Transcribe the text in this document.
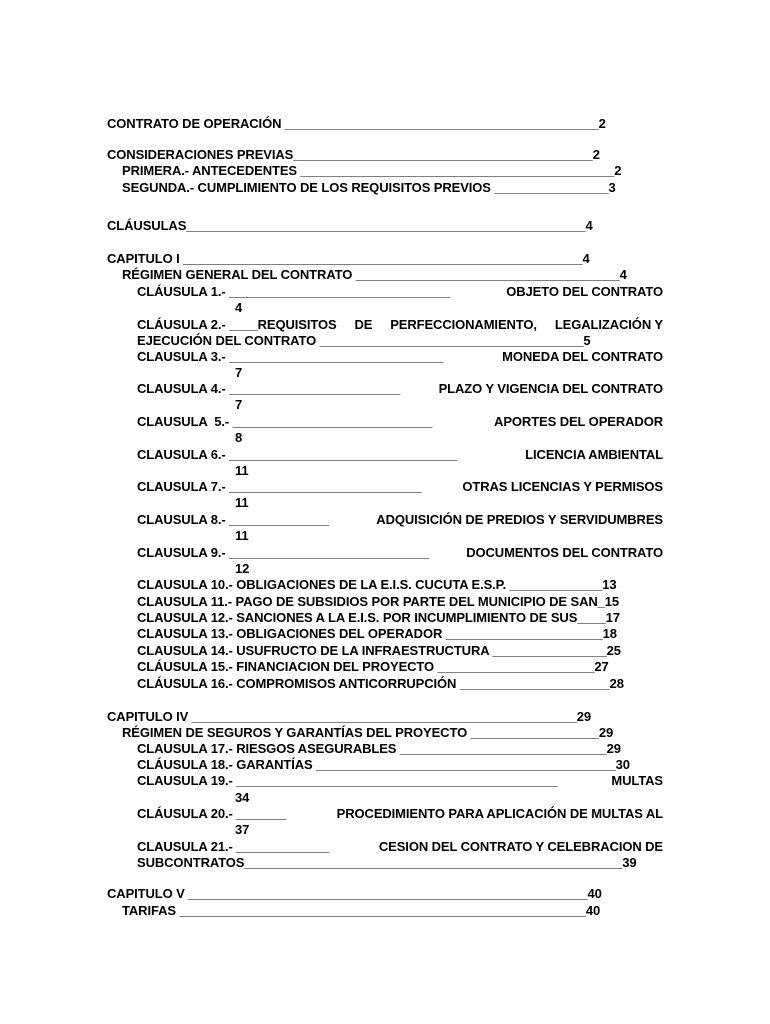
CONTRATO DE OPERACIÓN ____________________________________________2
CONSIDERACIONES PREVIAS__________________________________________2
PRIMERA.- ANTECEDENTES ____________________________________________2
SEGUNDA.- CUMPLIMIENTO DE LOS REQUISITOS PREVIOS ________________3
CLÁUSULAS________________________________________________________4
CAPITULO I ________________________________________________________4
RÉGIMEN GENERAL DEL CONTRATO _____________________________________4
CLÁUSULA 1.- _______________________________	OBJETO DEL CONTRATO
4
CLÁUSULA 2.- ____REQUISITOS DE PERFECCIONAMIENTO, LEGALIZACIÓN Y
EJECUCIÓN DEL CONTRATO _____________________________________5
CLAUSULA 3.- ______________________________	MONEDA DEL CONTRATO
7
CLAUSULA 4.- ________________________	PLAZO Y VIGENCIA DEL CONTRATO
7
CLAUSULA  5.- ____________________________	APORTES DEL OPERADOR
8
CLAUSULA 6.- ________________________________	LICENCIA AMBIENTAL
11
CLAUSULA 7.- ___________________________	OTRAS LICENCIAS Y PERMISOS
11
CLAUSULA 8.- ______________	ADQUISICIÓN DE PREDIOS Y SERVIDUMBRES
11
CLAUSULA 9.- ____________________________	DOCUMENTOS DEL CONTRATO
12
CLAUSULA 10.- OBLIGACIONES DE LA E.I.S. CUCUTA E.S.P. _____________13
CLAUSULA 11.- PAGO DE SUBSIDIOS POR PARTE DEL MUNICIPIO DE SAN_15
CLAUSULA 12.- SANCIONES A LA E.I.S. POR INCUMPLIMIENTO DE SUS____17
CLAUSULA 13.- OBLIGACIONES DEL OPERADOR ______________________18
CLAUSULA 14.- USUFRUCTO DE LA INFRAESTRUCTURA ________________25
CLÁUSULA 15.- FINANCIACION DEL PROYECTO ______________________27
CLÁUSULA 16.- COMPROMISOS ANTICORRUPCIÓN _____________________28
CAPITULO IV ______________________________________________________29
RÉGIMEN DE SEGUROS Y GARANTÍAS DEL PROYECTO __________________29
CLAUSULA 17.- RIESGOS ASEGURABLES _____________________________29
CLÁUSULA 18.- GARANTÍAS __________________________________________30
CLAUSULA 19.- _____________________________________________	MULTAS
34
CLÁUSULA 20.- _______	PROCEDIMIENTO PARA APLICACIÓN DE MULTAS AL
37
CLAUSULA 21.- _____________	CESION DEL CONTRATO Y CELEBRACION DE
SUBCONTRATOS_____________________________________________________39
CAPITULO V ________________________________________________________40
TARIFAS _________________________________________________________40
